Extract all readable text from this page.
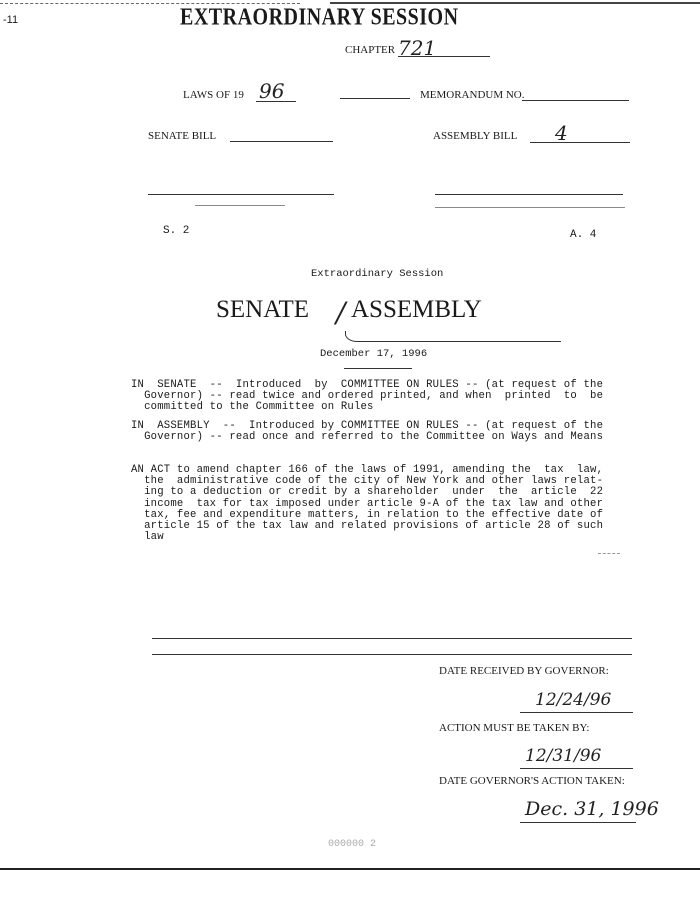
-11	EXTRAORDINARY SESSION
CHAPTER 721
LAWS OF 19 96	MEMORANDUM NO.
SENATE BILL	ASSEMBLY BILL 4
S. 2	A. 4
Extraordinary Session
SENATE / ASSEMBLY
December 17, 1996
IN  SENATE  --  Introduced  by  COMMITTEE ON RULES -- (at request of the
Governor) -- read twice and ordered printed, and when  printed  to  be
committed to the Committee on Rules
IN  ASSEMBLY  --  Introduced by COMMITTEE ON RULES -- (at request of the
Governor) -- read once and referred to the Committee on Ways and Means
AN ACT to amend chapter 166 of the laws of 1991, amending the  tax  law,
the  administrative code of the city of New York and other laws relat-
ing to a deduction or credit by a shareholder  under  the  article  22
income  tax for tax imposed under article 9-A of the tax law and other
tax, fee and expenditure matters, in relation to the effective date of
article 15 of the tax law and related provisions of article 28 of such
law
DATE RECEIVED BY GOVERNOR:
12/24/96
ACTION MUST BE TAKEN BY:
12/31/96
DATE GOVERNOR'S ACTION TAKEN:
Dec. 31, 1996
000000 2
